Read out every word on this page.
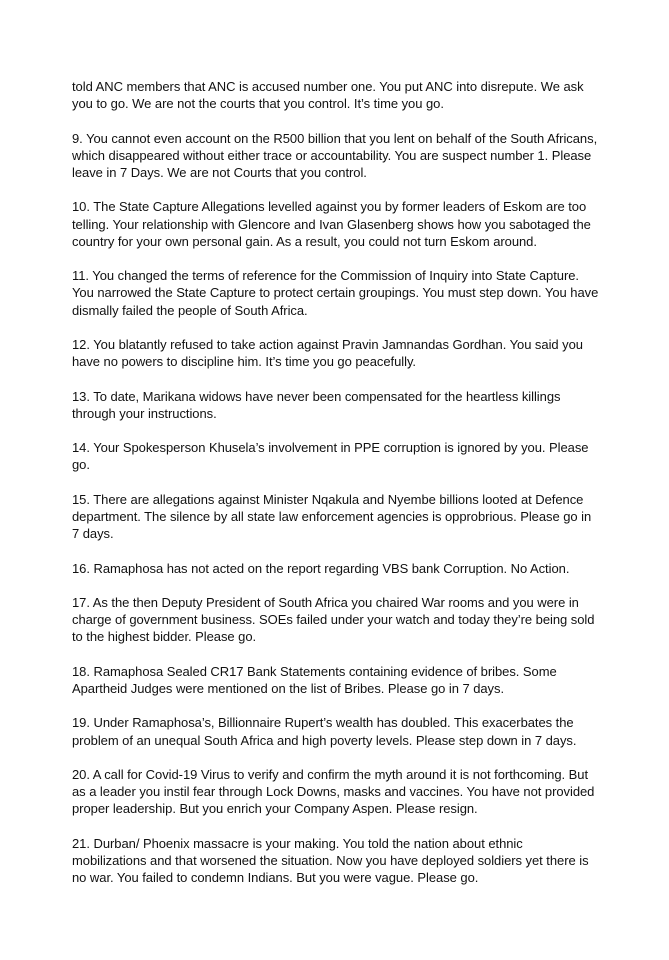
told ANC members that ANC is accused number one. You put ANC into disrepute. We ask you to go. We are not the courts that you control. It’s time you go.

9. You cannot even account on the R500 billion that you lent on behalf of the South Africans, which disappeared without either trace or accountability. You are suspect number 1. Please leave in 7 Days. We are not Courts that you control.

10. The State Capture Allegations levelled against you by former leaders of Eskom are too telling. Your relationship with Glencore and Ivan Glasenberg shows how you sabotaged the country for your own personal gain. As a result, you could not turn Eskom around.

11. You changed the terms of reference for the Commission of Inquiry into State Capture. You narrowed the State Capture to protect certain groupings. You must step down. You have dismally failed the people of South Africa.

12. You blatantly refused to take action against Pravin Jamnandas Gordhan. You said you have no powers to discipline him. It’s time you go peacefully.

13. To date, Marikana widows have never been compensated for the heartless killings through your instructions.

14. Your Spokesperson Khusela’s involvement in PPE corruption is ignored by you. Please go.

15. There are allegations against Minister Nqakula and Nyembe billions looted at Defence department. The silence by all state law enforcement agencies is opprobrious. Please go in 7 days.

16. Ramaphosa has not acted on the report regarding VBS bank Corruption. No Action.

17. As the then Deputy President of South Africa you chaired War rooms and you were in charge of government business. SOEs failed under your watch and today they’re being sold to the highest bidder. Please go.

18. Ramaphosa Sealed CR17 Bank Statements containing evidence of bribes. Some Apartheid Judges were mentioned on the list of Bribes. Please go in 7 days.

19. Under Ramaphosa’s, Billionnaire Rupert’s wealth has doubled. This exacerbates the problem of an unequal South Africa and high poverty levels. Please step down in 7 days.

20. A call for Covid-19 Virus to verify and confirm the myth around it is not forthcoming. But as a leader you instil fear through Lock Downs, masks and vaccines. You have not provided proper leadership. But you enrich your Company Aspen. Please resign.

21. Durban/ Phoenix massacre is your making. You told the nation about ethnic mobilizations and that worsened the situation. Now you have deployed soldiers yet there is no war. You failed to condemn Indians. But you were vague. Please go.
